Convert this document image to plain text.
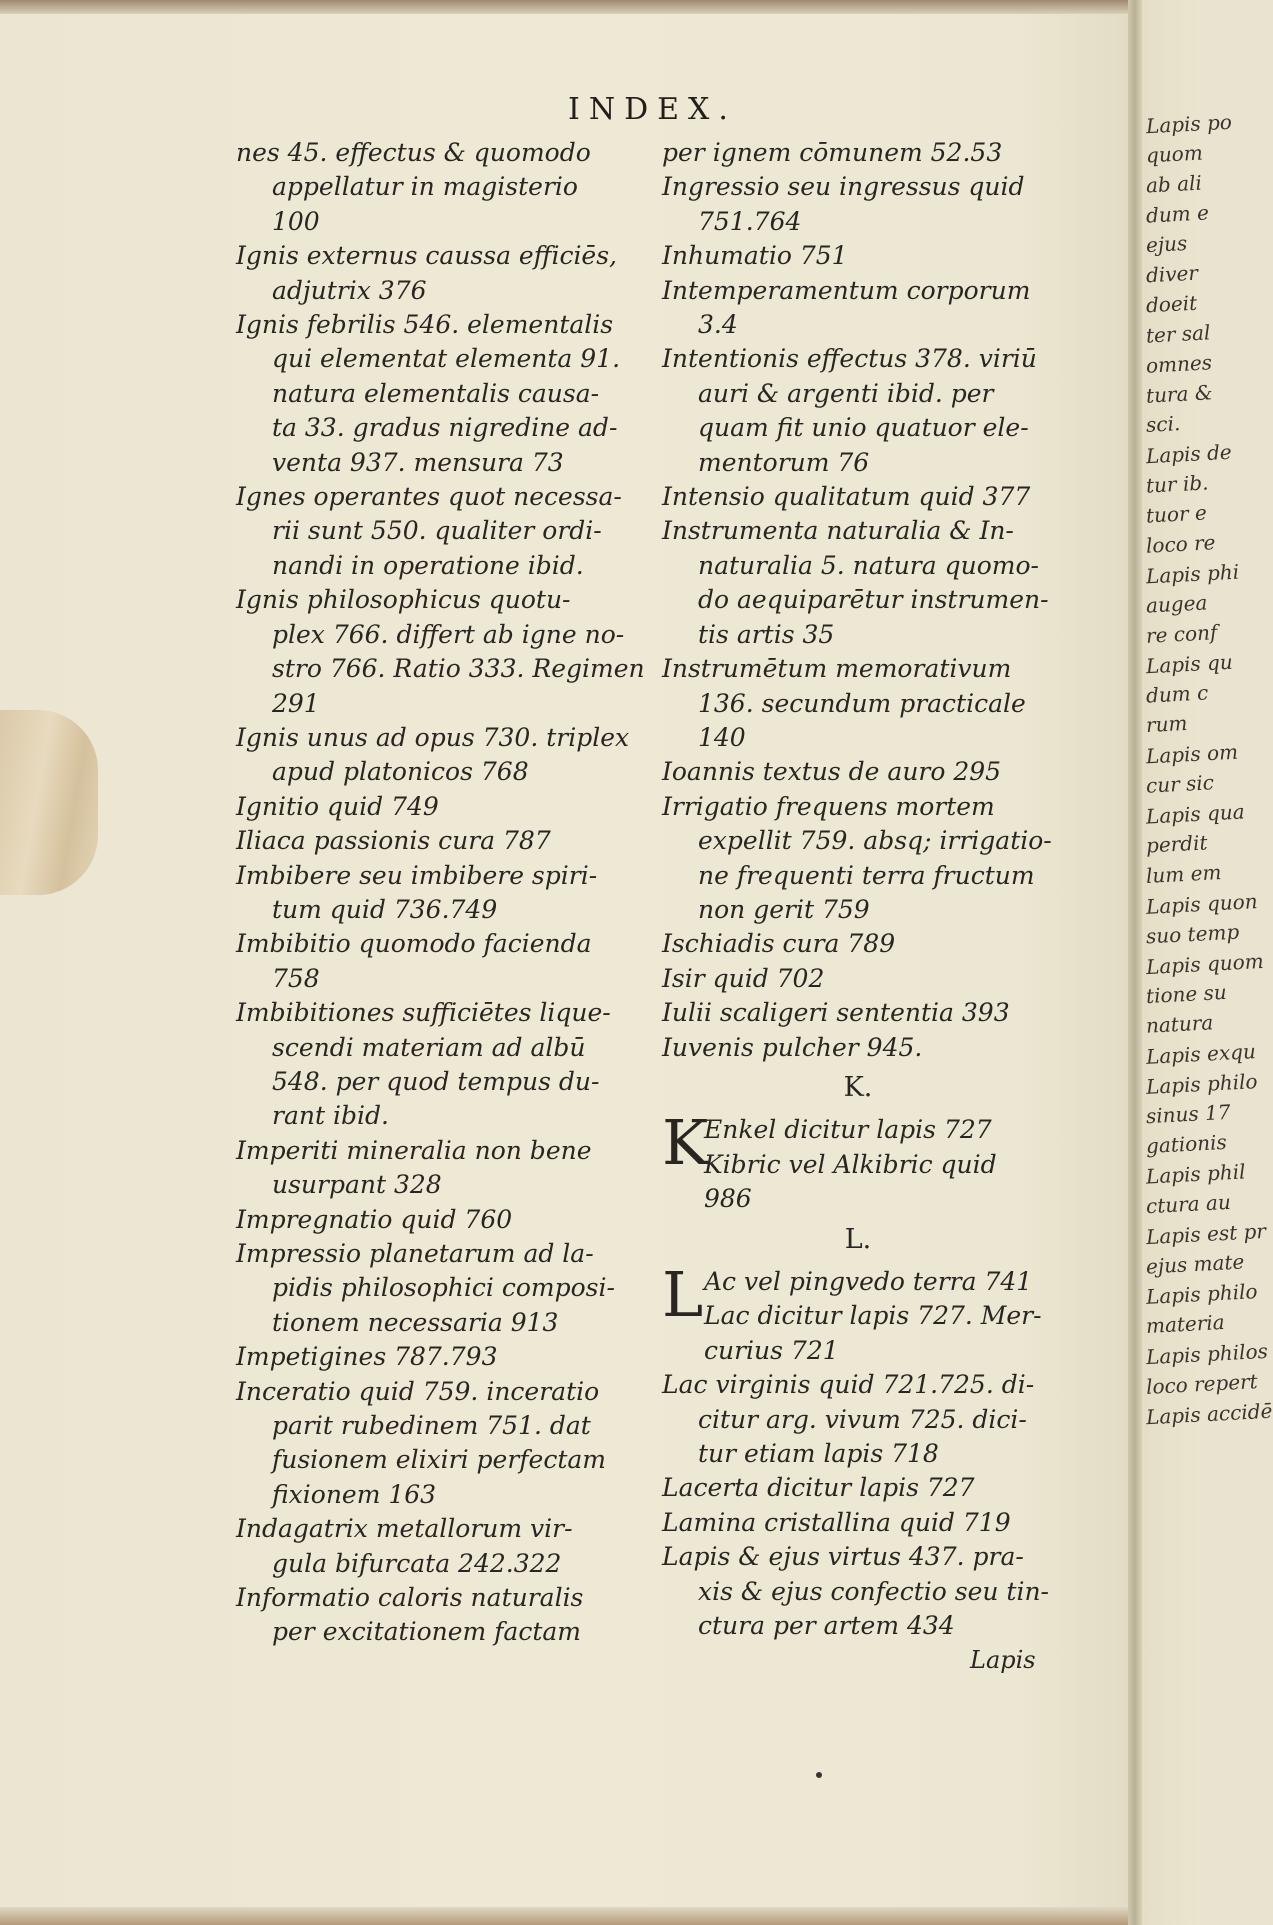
INDEX.
nes 45. effectus & quomodo
appellatur in magisterio
100
Ignis externus caussa efficiēs,
adjutrix 376
Ignis febrilis 546. elementalis
qui elementat elementa 91.
natura elementalis causa-
ta 33. gradus nigredine ad-
venta 937. mensura 73
Ignes operantes quot necessa-
rii sunt 550. qualiter ordi-
nandi in operatione ibid.
Ignis philosophicus quotu-
plex 766. differt ab igne no-
stro 766. Ratio 333. Regimen
291
Ignis unus ad opus 730. triplex
apud platonicos 768
Ignitio quid 749
Iliaca passionis cura 787
Imbibere seu imbibere spiri-
tum quid 736.749
Imbibitio quomodo facienda
758
Imbibitiones sufficiētes lique-
scendi materiam ad albū
548. per quod tempus du-
rant ibid.
Imperiti mineralia non bene
usurpant 328
Impregnatio quid 760
Impressio planetarum ad la-
pidis philosophici composi-
tionem necessaria 913
Impetigines 787.793
Inceratio quid 759. inceratio
parit rubedinem 751. dat
fusionem elixiri perfectam
fixionem 163
Indagatrix metallorum vir-
gula bifurcata 242.322
Informatio caloris naturalis
per excitationem factam
per ignem cōmunem 52.53
Ingressio seu ingressus quid
751.764
Inhumatio 751
Intemperamentum corporum
3.4
Intentionis effectus 378. viriū
auri & argenti ibid. per
quam fit unio quatuor ele-
mentorum 76
Intensio qualitatum quid 377
Instrumenta naturalia & In-
naturalia 5. natura quomo-
do aequiparētur instrumen-
tis artis 35
Instrumētum memorativum
136. secundum practicale
140
Ioannis textus de auro 295
Irrigatio frequens mortem
expellit 759. absq; irrigatio-
ne frequenti terra fructum
non gerit 759
Ischiadis cura 789
Isir quid 702
Iulii scaligeri sententia 393
Iuvenis pulcher 945.
K.
K
Enkel dicitur lapis 727
Kibric vel Alkibric quid
986
L.
L Ac vel pingvedo terra 741
Lac dicitur lapis 727. Mer-
curius 721
Lac virginis quid 721.725. di-
citur arg. vivum 725. dici-
tur etiam lapis 718
Lacerta dicitur lapis 727
Lamina cristallina quid 719
Lapis & ejus virtus 437. pra-
xis & ejus confectio seu tin-
ctura per artem 434
Lapis
Lapis po
quom
ab ali
dum e
ejus
diver
doeit
ter sal
omnes
tura &
sci.
Lapis de
tur ib.
tuor e
loco re
Lapis phi
augea
re conf
Lapis qu
dum c
rum
Lapis om
cur sic
Lapis qua
perdit
lum em
Lapis quon
suo temp
Lapis quom
tione su
natura
Lapis exqu
Lapis philo
sinus 17
gationis
Lapis phil
ctura au
Lapis est pr
ejus mate
Lapis philo
materia
Lapis philos
loco repert
Lapis accidē
